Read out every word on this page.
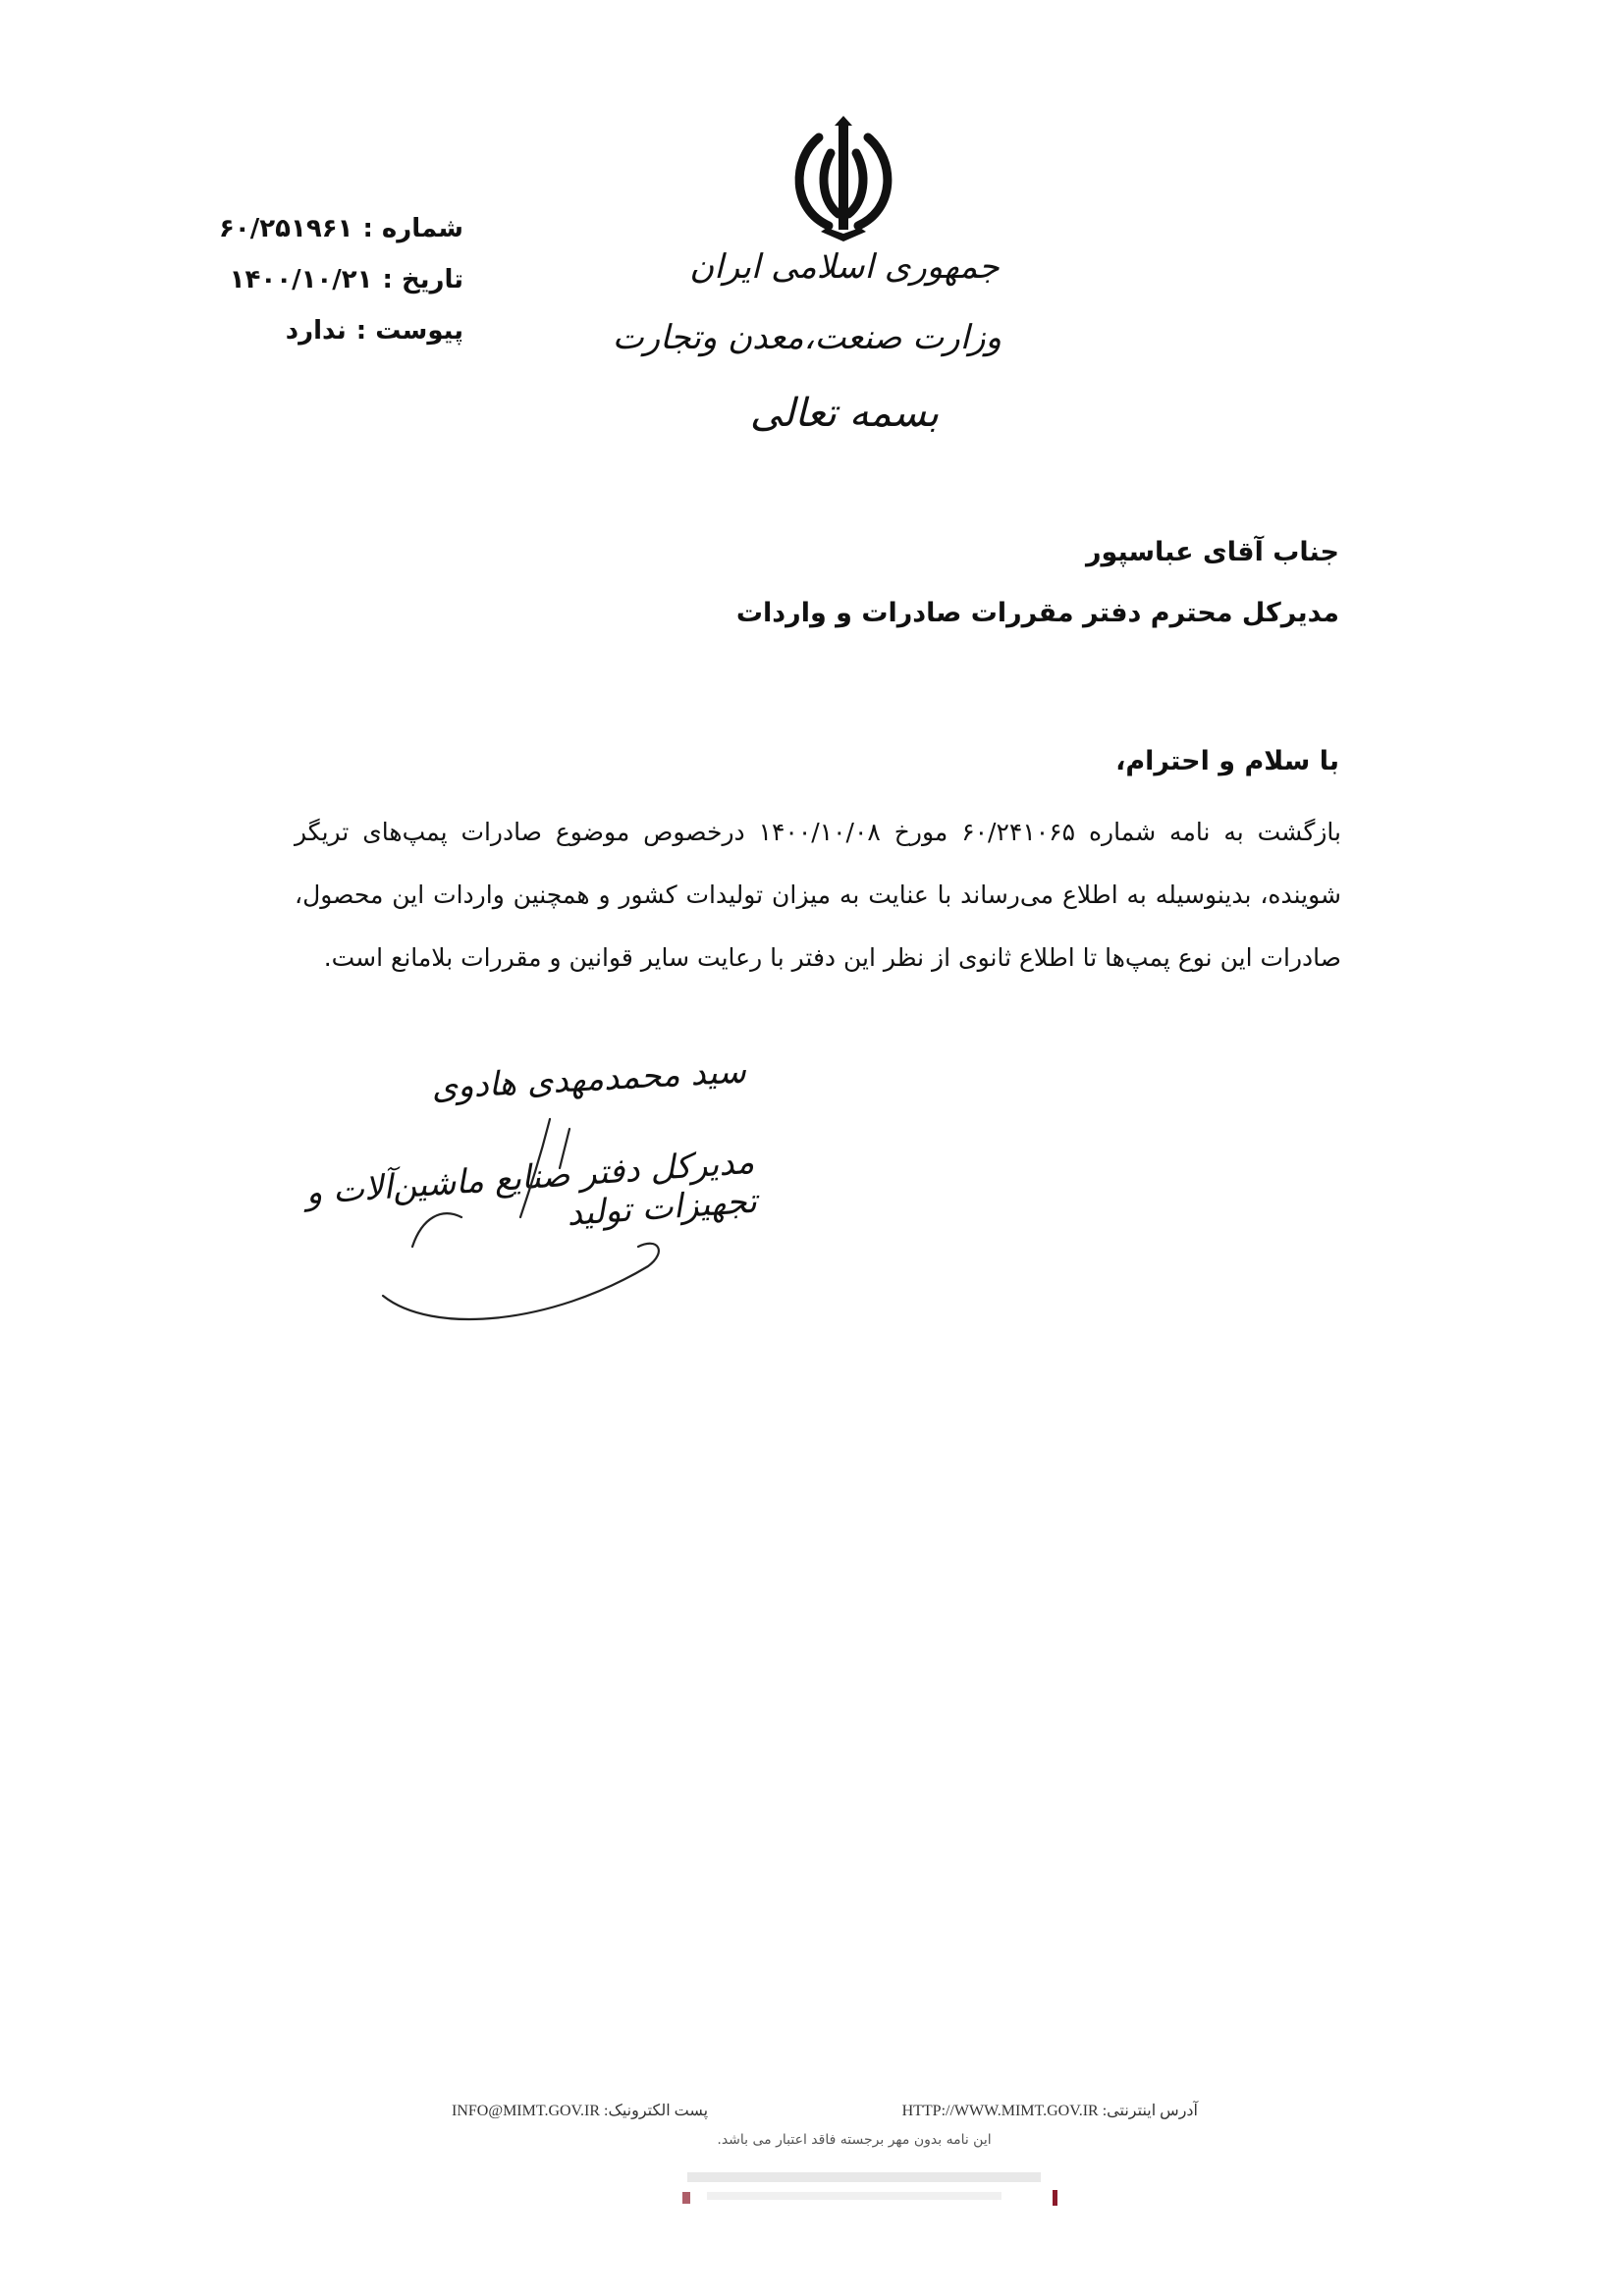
جمهوری اسلامی ایران
وزارت صنعت،معدن وتجارت
بسمه تعالی
شماره :
۶۰/۲۵۱۹۶۱
تاریخ :
۱۴۰۰/۱۰/۲۱
پیوست :
ندارد
جناب آقای عباسپور
مدیرکل محترم دفتر مقررات صادرات و واردات
با سلام و احترام،
بازگشت به نامه شماره ۶۰/۲۴۱۰۶۵ مورخ ۱۴۰۰/۱۰/۰۸ درخصوص موضوع صادرات پمپ‌های تریگر شوینده، بدینوسیله به اطلاع می‌رساند با عنایت به میزان تولیدات کشور و همچنین واردات این محصول، صادرات این نوع پمپ‌ها تا اطلاع ثانوی از نظر این دفتر با رعایت سایر قوانین و مقررات بلامانع است.
سید محمدمهدی هادوی
مدیرکل دفتر صنایع ماشین‌آلات و تجهیزات تولید
پست الکترونیک: INFO@MIMT.GOV.IR	آدرس اینترنتی: HTTP://WWW.MIMT.GOV.IR
این نامه بدون مهر برجسته فاقد اعتبار می باشد.
